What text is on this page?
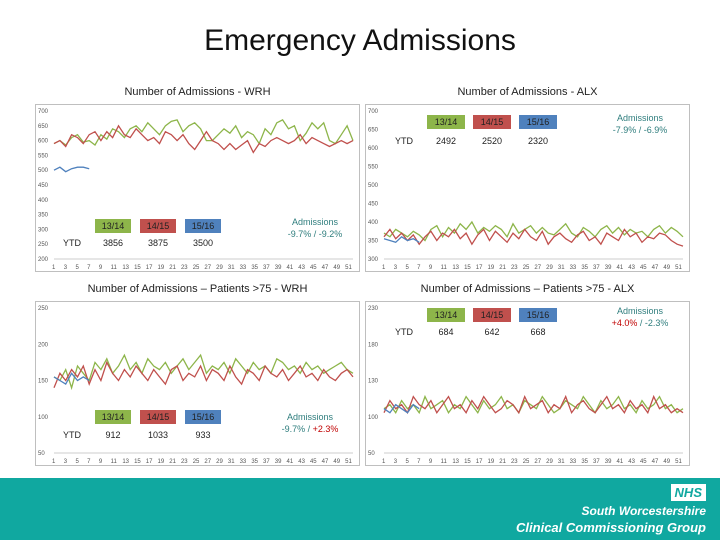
Emergency Admissions
Number of Admissions - WRH
700
650
600
550
500
450
400
350
300
250
200
1 3 5 7 9 11 13 15 17 19 21 23 25 27 29 31 33 35 37 39 41 43 45 47 49 51
13/14	14/15	15/16
YTD	3856	3875	3500
Admissions
-9.7% / -9.2%
Number of Admissions - ALX
700
650
600
550
500
450
400
350
300
1 3 5 7 9 11 13 15 17 19 21 23 25 27 29 31 33 35 37 39 41 43 45 47 49 51
13/14	14/15	15/16
YTD	2492	2520	2320
Admissions
-7.9% / -6.9%
Number of Admissions – Patients >75 - WRH
250
200
150
100
50
1 3 5 7 9 11 13 15 17 19 21 23 25 27 29 31 33 35 37 39 41 43 45 47 49 51
13/14	14/15	15/16
YTD	912	1033	933
Admissions
-9.7% / +2.3%
Number of Admissions – Patients >75 - ALX
230
180
130
100
50
1 3 5 7 9 11 13 15 17 19 21 23 25 27 29 31 33 35 37 39 41 43 45 47 49 51
13/14	14/15	15/16
YTD	684	642	668
Admissions
+4.0% / -2.3%
NHS
South Worcestershire
Clinical Commissioning Group
